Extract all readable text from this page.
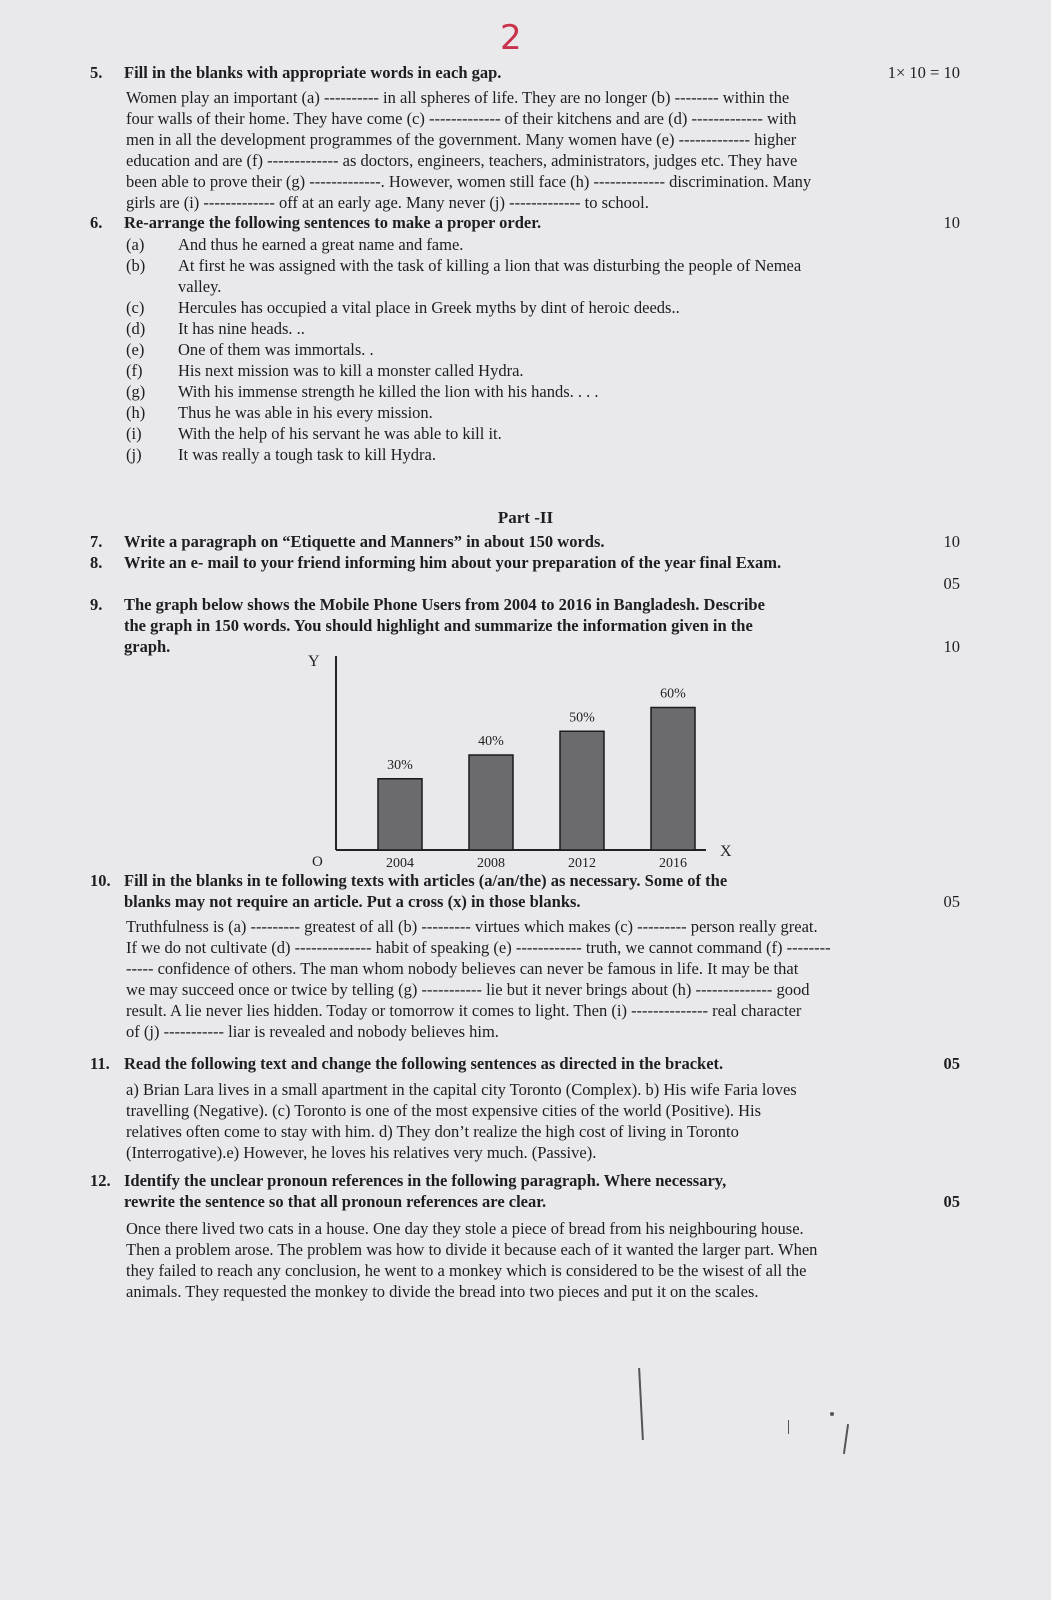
2
5.	Fill in the blanks with appropriate words in each gap.	1× 10 = 10
Women play an important (a) ---------- in all spheres of life. They are no longer (b) -------- within the
four walls of their home. They have come (c) ------------- of their kitchens and are (d) ------------- with
men in all the development programmes of the government. Many women have (e) ------------- higher
education and are (f) ------------- as doctors, engineers, teachers, administrators, judges etc. They have
been able to prove their (g) -------------. However, women still face (h) ------------- discrimination. Many
girls are (i) ------------- off at an early age. Many never (j) ------------- to school.
6.	Re-arrange the following sentences to make a proper order.	10
(a)	And thus he earned a great name and fame.
(b)	At first he was assigned with the task of killing a lion that was disturbing the people of Nemea
valley.
(c)	Hercules has occupied a vital place in Greek myths by dint of heroic deeds..
(d)	It has nine heads. ..
(e)	One of them was immortals. .
(f)	His next mission was to kill a monster called Hydra.
(g)	With his immense strength he killed the lion with his hands. . . .
(h)	Thus he was able in his every mission.
(i)	With the help of his servant he was able to kill it.
(j)	It was really a tough task to kill Hydra.
Part -II
7.	Write a paragraph on “Etiquette and Manners” in about 150 words.	10
8.	Write an e- mail to your friend informing him about your preparation of the year final Exam.
05
9.	The graph below shows the Mobile Phone Users from 2004 to 2016 in Bangladesh. Describe
the graph in 150 words. You should highlight and summarize the information given in the
graph.	10
Y
X
O
30%
2004
40%
2008
50%
2012
60%
2016
10. Fill in the blanks in te following texts with articles (a/an/the) as necessary. Some of the
blanks may not require an article. Put a cross (x) in those blanks.	05
Truthfulness is (a) --------- greatest of all (b) --------- virtues which makes (c) --------- person really great.
If we do not cultivate (d) -------------- habit of speaking (e) ------------ truth, we cannot command (f) --------
----- confidence of others. The man whom nobody believes can never be famous in life. It may be that
we may succeed once or twice by telling (g) ----------- lie but it never brings about (h) -------------- good
result. A lie never lies hidden. Today or tomorrow it comes to light. Then (i) -------------- real character
of (j) ----------- liar is revealed and nobody believes him.
11. Read the following text and change the following sentences as directed in the bracket.	05
a) Brian Lara lives in a small apartment in the capital city Toronto (Complex). b) His wife Faria loves
travelling (Negative). (c) Toronto is one of the most expensive cities of the world (Positive). His
relatives often come to stay with him. d) They don’t realize the high cost of living in Toronto
(Interrogative).e) However, he loves his relatives very much. (Passive).
12. Identify the unclear pronoun references in the following paragraph. Where necessary,
rewrite the sentence so that all pronoun references are clear.	05
Once there lived two cats in a house. One day they stole a piece of bread from his neighbouring house.
Then a problem arose. The problem was how to divide it because each of it wanted the larger part. When
they failed to reach any conclusion, he went to a monkey which is considered to be the wisest of all the
animals. They requested the monkey to divide the bread into two pieces and put it on the scales.
